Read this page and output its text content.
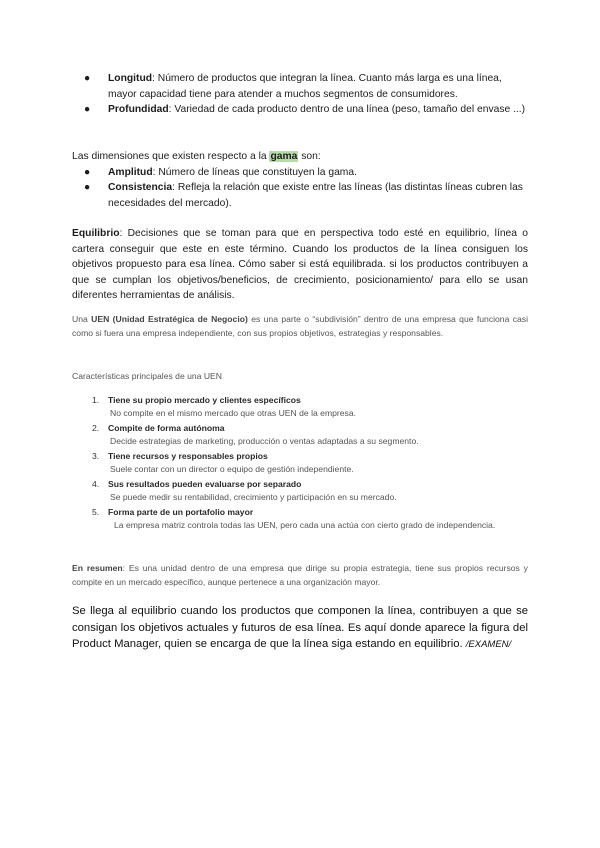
●	Longitud: Número de productos que integran la línea. Cuanto más larga es una línea, mayor capacidad tiene para atender a muchos segmentos de consumidores.
●	Profundidad: Variedad de cada producto dentro de una línea (peso, tamaño del envase ...)

Las dimensiones que existen respecto a la gama son:

●	Amplitud: Número de líneas que constituyen la gama.
●	Consistencia: Refleja la relación que existe entre las líneas (las distintas líneas cubren las necesidades del mercado).

Equilibrio: Decisiones que se toman para que en perspectiva todo esté en equilibrio, línea o cartera conseguir que este en este término. Cuando los productos de la línea consiguen los objetivos propuesto para esa línea. Cómo saber si está equilibrada. si los productos contribuyen a que se cumplan los objetivos/beneficios, de crecimiento, posicionamiento/ para ello se usan diferentes herramientas de análisis.

Una UEN (Unidad Estratégica de Negocio) es una parte o “subdivisión” dentro de una empresa que funciona casi como si fuera una empresa independiente, con sus propios objetivos, estrategias y responsables.

Características principales de una UEN

1.	Tiene su propio mercado y clientes específicos
No compite en el mismo mercado que otras UEN de la empresa.
2.	Compite de forma autónoma
Decide estrategias de marketing, producción o ventas adaptadas a su segmento.
3.	Tiene recursos y responsables propios
Suele contar con un director o equipo de gestión independiente.
4.	Sus resultados pueden evaluarse por separado
Se puede medir su rentabilidad, crecimiento y participación en su mercado.
5.	Forma parte de un portafolio mayor
La empresa matriz controla todas las UEN, pero cada una actúa con cierto grado de independencia.

En resumen: Es una unidad dentro de una empresa que dirige su propia estrategia, tiene sus propios recursos y compite en un mercado específico, aunque pertenece a una organización mayor.

Se llega al equilibrio cuando los productos que componen la línea, contribuyen a que se consigan los objetivos actuales y futuros de esa línea. Es aquí donde aparece la figura del Product Manager, quien se encarga de que la línea siga estando en equilibrio. /EXAMEN/
